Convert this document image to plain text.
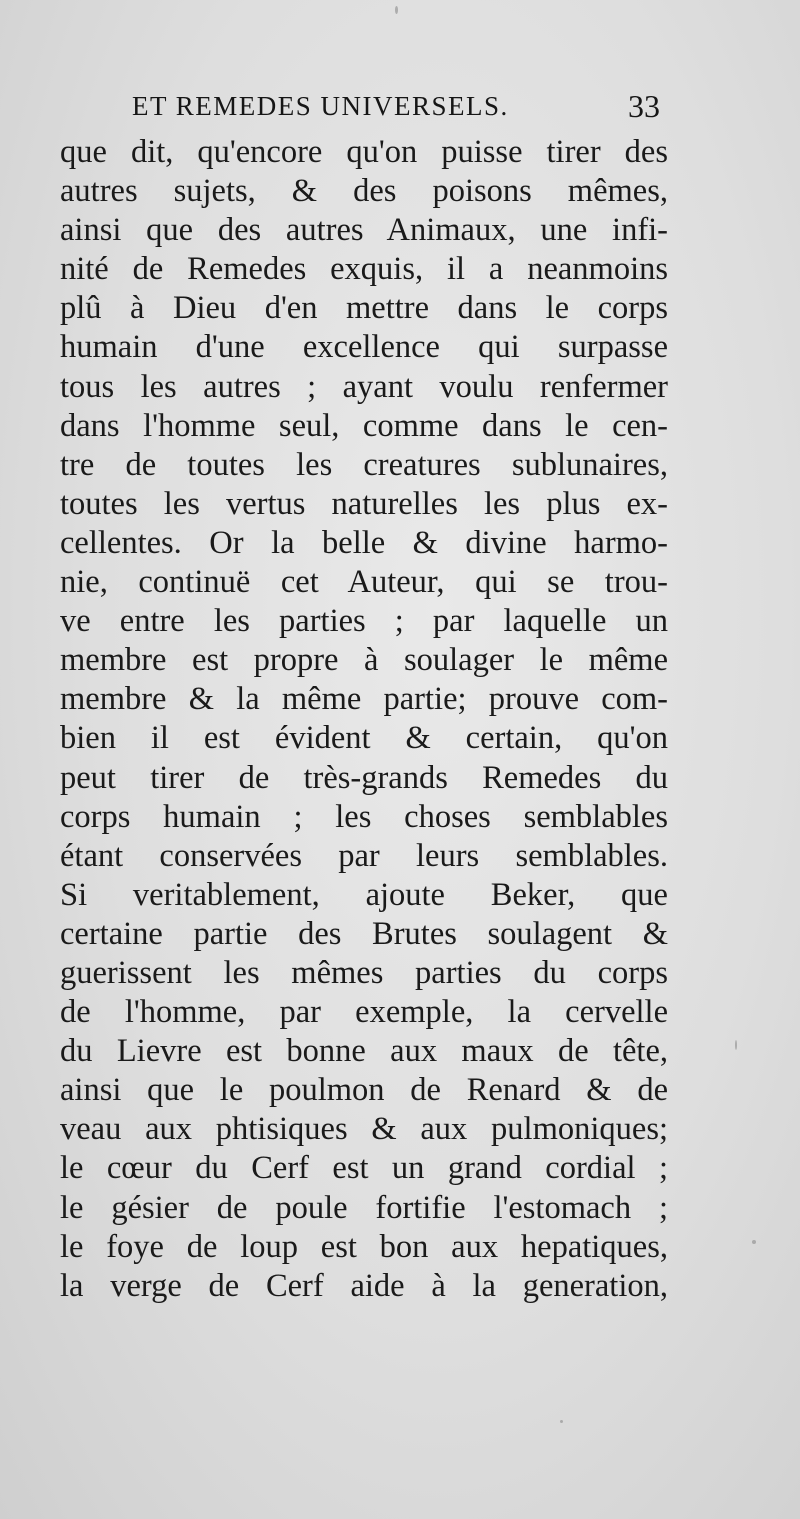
ET REMEDES UNIVERSELS.	33
que dit, qu'encore qu'on puisse tirer des
autres sujets, & des poisons mêmes,
ainsi que des autres Animaux, une infi-
nité de Remedes exquis, il a neanmoins
plû à Dieu d'en mettre dans le corps
humain d'une excellence qui surpasse
tous les autres ; ayant voulu renfermer
dans l'homme seul, comme dans le cen-
tre de toutes les creatures sublunaires,
toutes les vertus naturelles les plus ex-
cellentes. Or la belle & divine harmo-
nie, continuë cet Auteur, qui se trou-
ve entre les parties ; par laquelle un
membre est propre à soulager le même
membre & la même partie; prouve com-
bien il est évident & certain, qu'on
peut tirer de très-grands Remedes du
corps humain ; les choses semblables
étant conservées par leurs semblables.
Si veritablement, ajoute Beker, que
certaine partie des Brutes soulagent &
guerissent les mêmes parties du corps
de l'homme, par exemple, la cervelle
du Lievre est bonne aux maux de tête,
ainsi que le poulmon de Renard & de
veau aux phtisiques & aux pulmoniques;
le cœur du Cerf est un grand cordial ;
le gésier de poule fortifie l'estomach ;
le foye de loup est bon aux hepatiques,
la verge de Cerf aide à la generation,
